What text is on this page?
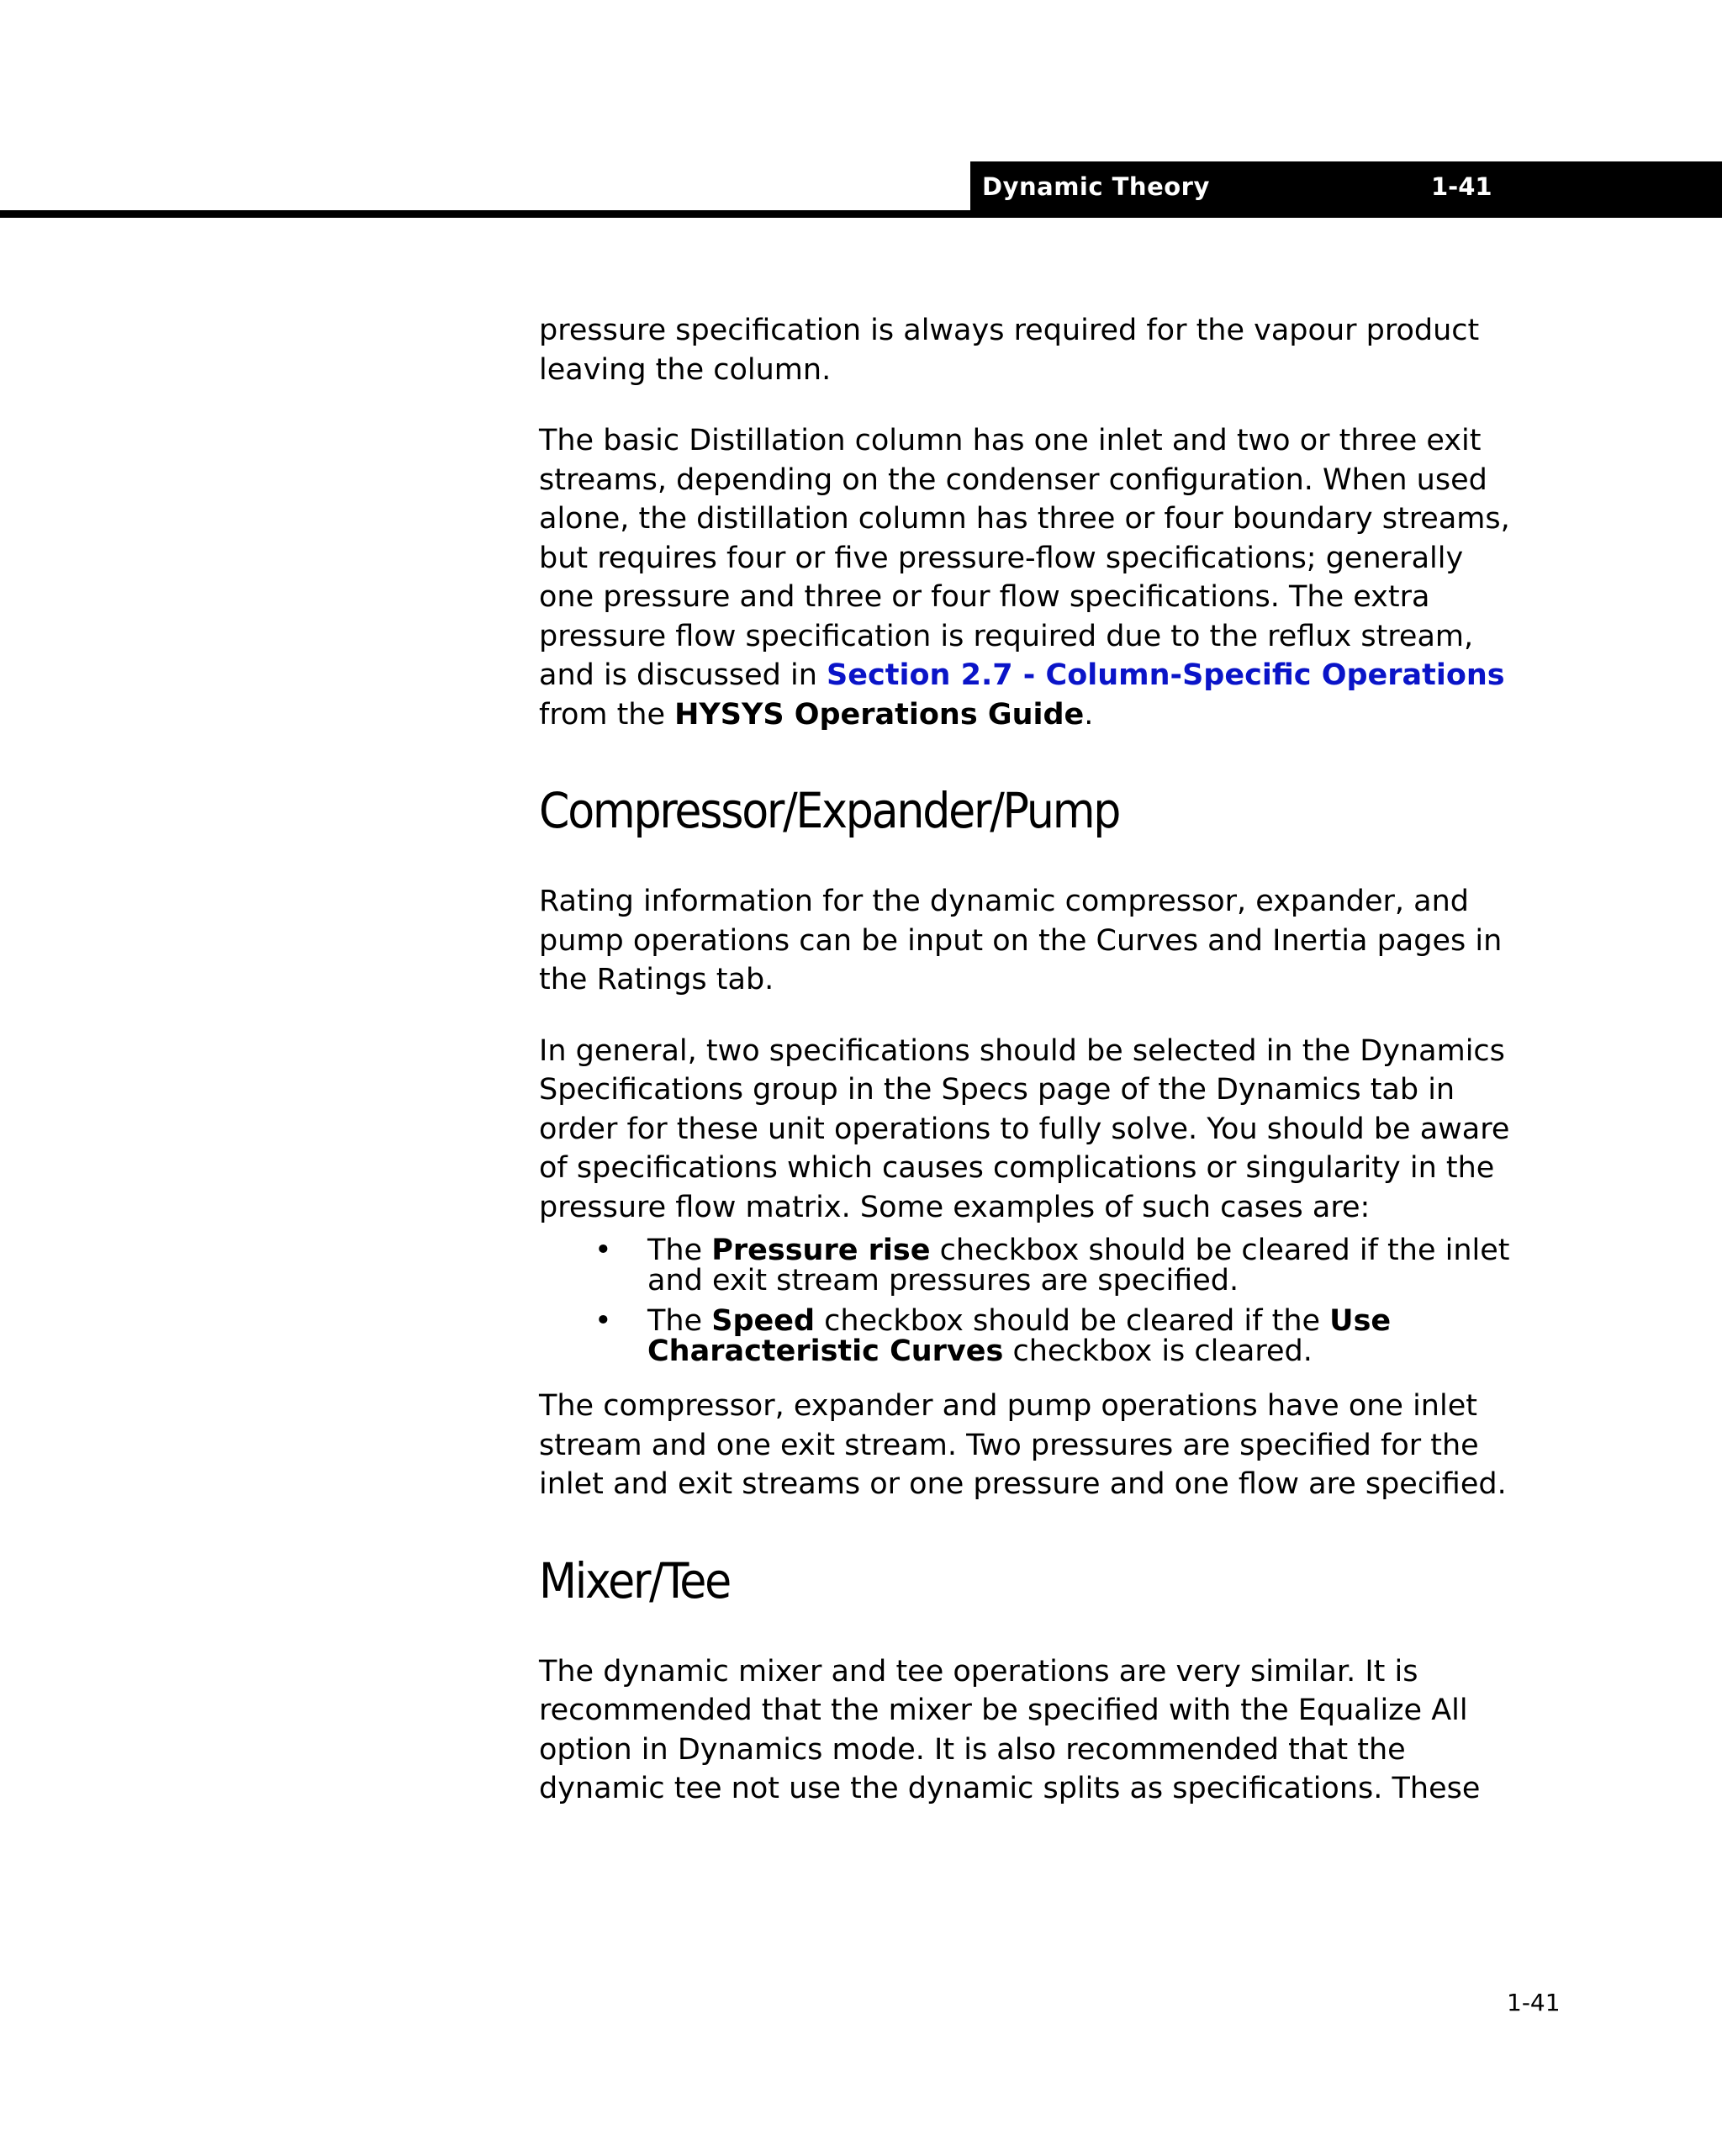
Dynamic Theory	1-41

pressure specification is always required for the vapour product leaving the column.

The basic Distillation column has one inlet and two or three exit streams, depending on the condenser configuration. When used alone, the distillation column has three or four boundary streams, but requires four or five pressure-flow specifications; generally one pressure and three or four flow specifications. The extra pressure flow specification is required due to the reflux stream, and is discussed in Section 2.7 - Column-Specific Operations from the HYSYS Operations Guide.

Compressor/Expander/Pump

Rating information for the dynamic compressor, expander, and pump operations can be input on the Curves and Inertia pages in the Ratings tab.

In general, two specifications should be selected in the Dynamics Specifications group in the Specs page of the Dynamics tab in order for these unit operations to fully solve. You should be aware of specifications which causes complications or singularity in the pressure flow matrix. Some examples of such cases are:

• The Pressure rise checkbox should be cleared if the inlet and exit stream pressures are specified.
• The Speed checkbox should be cleared if the Use Characteristic Curves checkbox is cleared.

The compressor, expander and pump operations have one inlet stream and one exit stream. Two pressures are specified for the inlet and exit streams or one pressure and one flow are specified.

Mixer/Tee

The dynamic mixer and tee operations are very similar. It is recommended that the mixer be specified with the Equalize All option in Dynamics mode. It is also recommended that the dynamic tee not use the dynamic splits as specifications. These

1-41
